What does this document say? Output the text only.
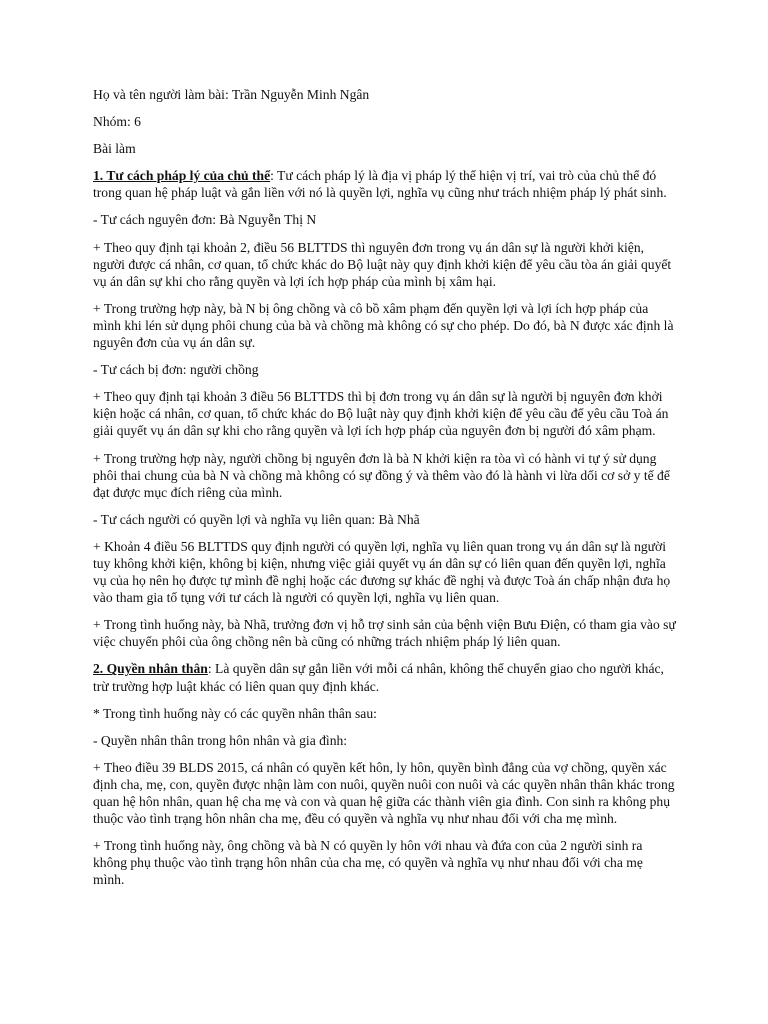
Họ và tên người làm bài: Trần Nguyễn Minh Ngân

Nhóm: 6

Bài làm

1. Tư cách pháp lý của chủ thể: Tư cách pháp lý là địa vị pháp lý thể hiện vị trí, vai trò của chủ thể đó trong quan hệ pháp luật và gắn liền với nó là quyền lợi, nghĩa vụ cũng như trách nhiệm pháp lý phát sinh.

- Tư cách nguyên đơn: Bà Nguyễn Thị N

+ Theo quy định tại khoản 2, điều 56 BLTTDS thì nguyên đơn trong vụ án dân sự là người khởi kiện, người được cá nhân, cơ quan, tổ chức khác do Bộ luật này quy định khởi kiện để yêu cầu tòa án giải quyết vụ án dân sự khi cho rằng quyền và lợi ích hợp pháp của mình bị xâm hại.

+ Trong trường hợp này, bà N bị ông chồng và cô bồ xâm phạm đến quyền lợi và lợi ích hợp pháp của mình khi lén sử dụng phôi chung của bà và chồng mà không có sự cho phép. Do đó, bà N được xác định là nguyên đơn của vụ án dân sự.

- Tư cách bị đơn: người chồng

+ Theo quy định tại khoản 3 điều 56 BLTTDS thì bị đơn trong vụ án dân sự là người bị nguyên đơn khởi kiện hoặc cá nhân, cơ quan, tổ chức khác do Bộ luật này quy định khởi kiện để yêu cầu để yêu cầu Toà án giải quyết vụ án dân sự khi cho rằng quyền và lợi ích hợp pháp của nguyên đơn bị người đó xâm phạm.

+ Trong trường hợp này, người chồng bị nguyên đơn là bà N khởi kiện ra tòa vì có hành vi tự ý sử dụng phôi thai chung của bà N và chồng mà không có sự đồng ý và thêm vào đó là hành vi lừa dối cơ sở y tế để đạt được mục đích riêng của mình.

- Tư cách người có quyền lợi và nghĩa vụ liên quan: Bà Nhã

+ Khoản 4 điều 56 BLTTDS quy định người có quyền lợi, nghĩa vụ liên quan trong vụ án dân sự là người tuy không khởi kiện, không bị kiện, nhưng việc giải quyết vụ án dân sự có liên quan đến quyền lợi, nghĩa vụ của họ nên họ được tự mình đề nghị hoặc các đương sự khác đề nghị và được Toà án chấp nhận đưa họ vào tham gia tố tụng với tư cách là người có quyền lợi, nghĩa vụ liên quan.

+ Trong tình huống này, bà Nhã, trưởng đơn vị hỗ trợ sinh sản của bệnh viện Bưu Điện, có tham gia vào sự việc chuyển phôi của ông chồng nên bà cũng có những trách nhiệm pháp lý liên quan.

2. Quyền nhân thân: Là quyền dân sự gắn liền với mỗi cá nhân, không thể chuyển giao cho người khác, trừ trường hợp luật khác có liên quan quy định khác.

* Trong tình huống này có các quyền nhân thân sau:

- Quyền nhân thân trong hôn nhân và gia đình:

+ Theo điều 39 BLDS 2015, cá nhân có quyền kết hôn, ly hôn, quyền bình đẳng của vợ chồng, quyền xác định cha, mẹ, con, quyền được nhận làm con nuôi, quyền nuôi con nuôi và các quyền nhân thân khác trong quan hệ hôn nhân, quan hệ cha mẹ và con và quan hệ giữa các thành viên gia đình. Con sinh ra không phụ thuộc vào tình trạng hôn nhân cha mẹ, đều có quyền và nghĩa vụ như nhau đối với cha mẹ mình.

+ Trong tình huống này, ông chồng và bà N có quyền ly hôn với nhau và đứa con của 2 người sinh ra không phụ thuộc vào tình trạng hôn nhân của cha mẹ, có quyền và nghĩa vụ như nhau đối với cha mẹ mình.
